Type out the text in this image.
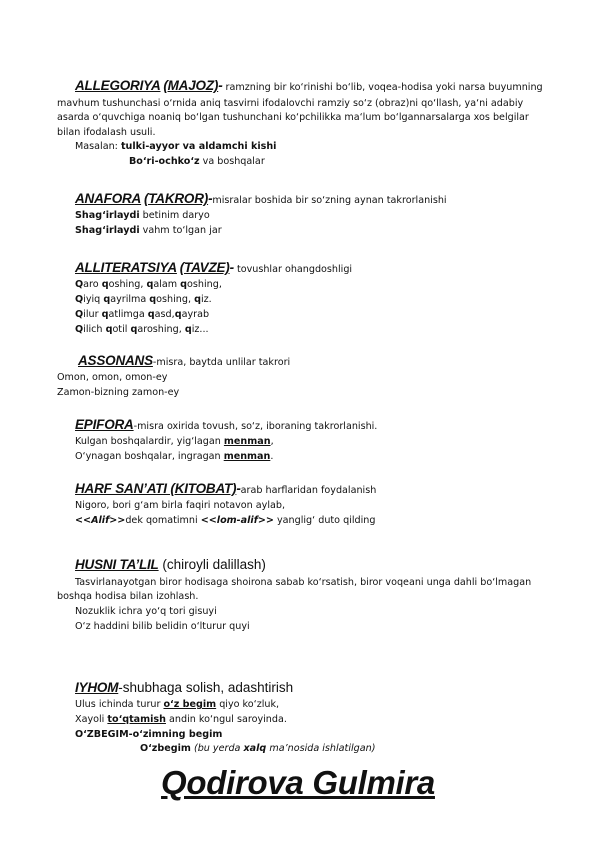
ALLEGORIYA (MAJOZ)- ramzning bir ko‘rinishi bo‘lib, voqea-hodisa yoki narsa buyumning
mavhum tushunchasi o‘rnida aniq tasvirni ifodalovchi ramziy so‘z (obraz)ni qo‘llash, ya‘ni adabiy
asarda o‘quvchiga noaniq bo‘lgan tushunchani ko‘pchilikka ma‘lum bo‘lgannarsalarga xos belgilar
bilan ifodalash usuli.
Masalan: tulki-ayyor va aldamchi kishi
Bo‘ri-ochko‘z va boshqalar
ANAFORA (TAKROR)-misralar boshida bir so‘zning aynan takrorlanishi
Shag‘irlaydi betinim daryo
Shag‘irlaydi vahm to‘lgan jar
ALLITERATSIYA (TAVZE)- tovushlar ohangdoshligi
Qaro qoshing, qalam qoshing,
Qiyiq qayrilma qoshing, qiz.
Qilur qatlimga qasd,qayrab
Qilich qotil qaroshing, qiz...
ASSONANS-misra, baytda unlilar takrori
Omon, omon, omon-ey
Zamon-bizning zamon-ey
EPIFORA-misra oxirida tovush, so‘z, iboraning takrorlanishi.
Kulgan boshqalardir, yig‘lagan menman,
O‘ynagan boshqalar, ingragan menman.
HARF SAN’ATI (KITOBAT)-arab harflaridan foydalanish
Nigoro, bori g‘am birla faqiri notavon aylab,
<<Alif>>dek qomatimni <<lom-alif>> yanglig‘ duto qilding
HUSNI TA’LIL (chiroyli dalillash)
Tasvirlanayotgan biror hodisaga shoirona sabab ko‘rsatish, biror voqeani unga dahli bo‘lmagan
boshqa hodisa bilan izohlash.
Nozuklik ichra yo‘q tori gisuyi
O‘z haddini bilib belidin o‘lturur quyi
IYHOM-shubhaga solish, adashtirish
Ulus ichinda turur o‘z begim qiyo ko‘zluk,
Xayoli to‘qtamish andin ko‘ngul saroyinda.
O‘ZBEGIM-o‘zimning begim
O‘zbegim (bu yerda xalq ma’nosida ishlatilgan)
Qodirova Gulmira
